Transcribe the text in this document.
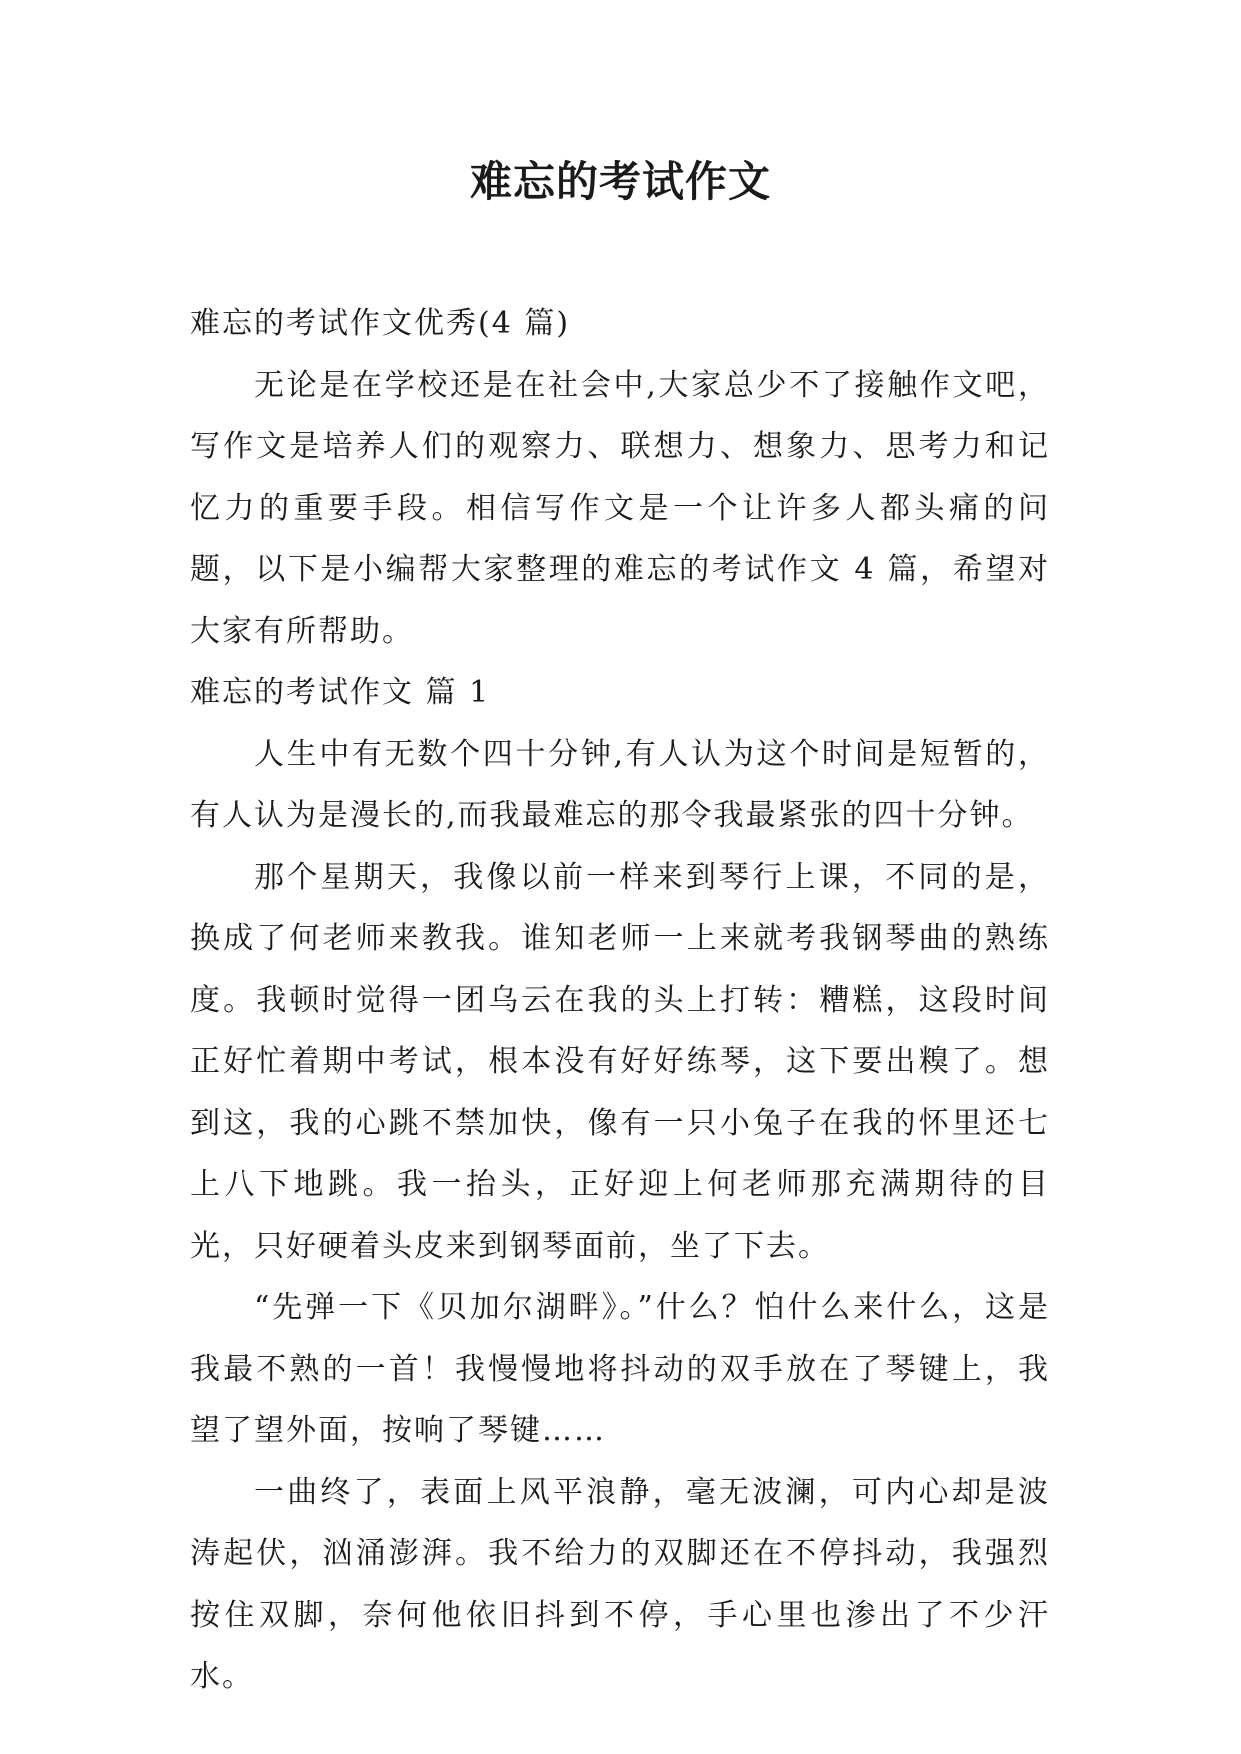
难忘的考试作文

难忘的考试作文优秀(4 篇)

无论是在学校还是在社会中,大家总少不了接触作文吧，写作文是培养人们的观察力、联想力、想象力、思考力和记忆力的重要手段。相信写作文是一个让许多人都头痛的问题，以下是小编帮大家整理的难忘的考试作文 4 篇，希望对大家有所帮助。

难忘的考试作文 篇 1

人生中有无数个四十分钟,有人认为这个时间是短暂的，有人认为是漫长的,而我最难忘的那令我最紧张的四十分钟。

那个星期天，我像以前一样来到琴行上课，不同的是，换成了何老师来教我。谁知老师一上来就考我钢琴曲的熟练度。我顿时觉得一团乌云在我的头上打转：糟糕，这段时间正好忙着期中考试，根本没有好好练琴，这下要出糗了。想到这，我的心跳不禁加快，像有一只小兔子在我的怀里还七上八下地跳。我一抬头，正好迎上何老师那充满期待的目光，只好硬着头皮来到钢琴面前，坐了下去。

“先弹一下《贝加尔湖畔》。”什么？怕什么来什么，这是我最不熟的一首！我慢慢地将抖动的双手放在了琴键上，我望了望外面，按响了琴键……

一曲终了，表面上风平浪静，毫无波澜，可内心却是波涛起伏，汹涌澎湃。我不给力的双脚还在不停抖动，我强烈按住双脚，奈何他依旧抖到不停，手心里也渗出了不少汗水。
